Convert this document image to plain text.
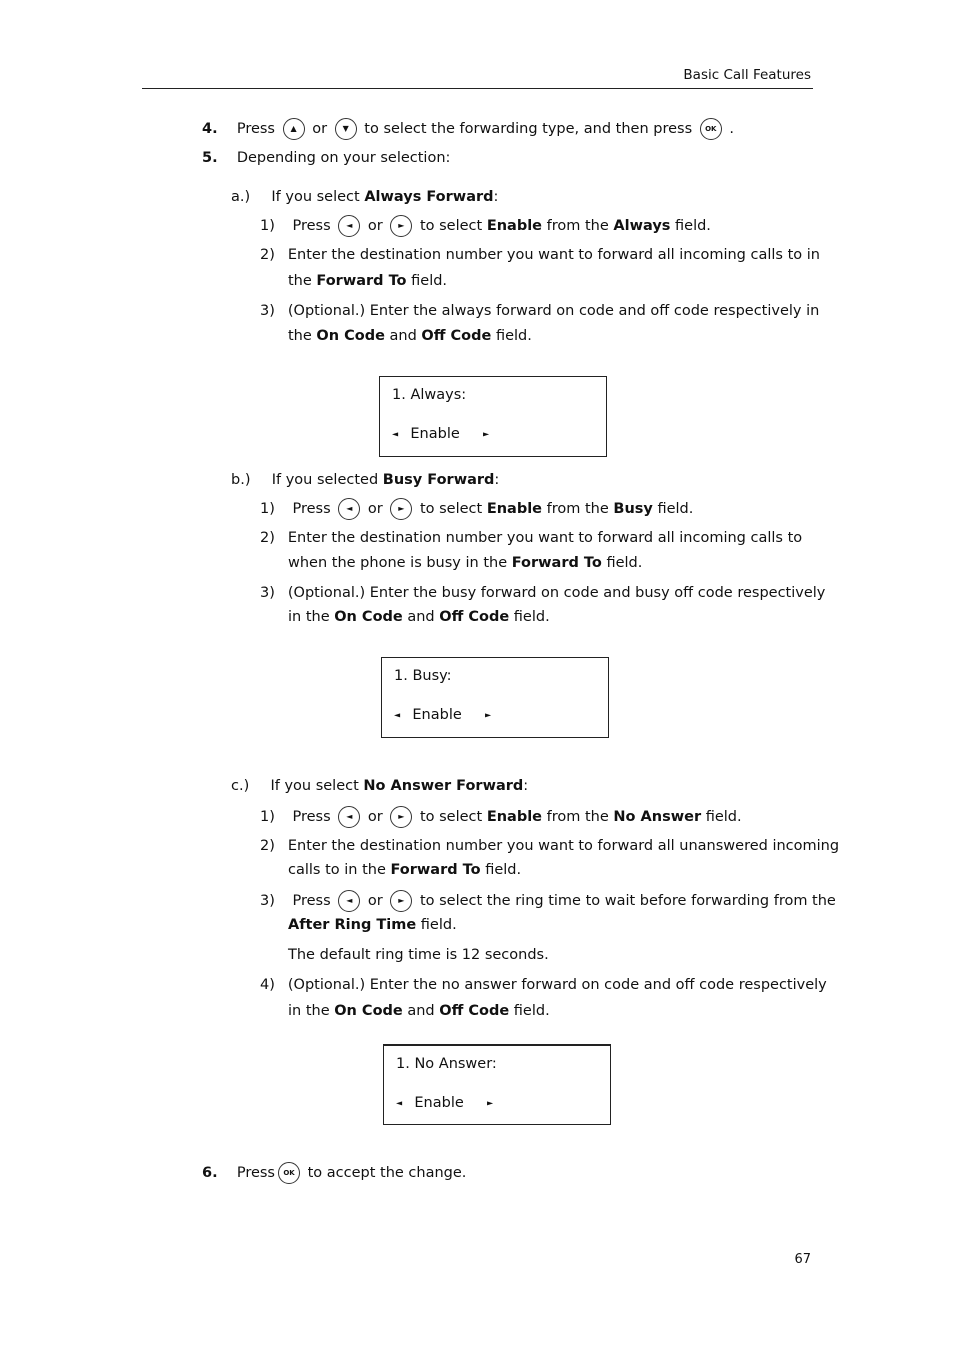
Basic Call Features
4. Press ▲ or ▼ to select the forwarding type, and then press OK .
5. Depending on your selection:
a.) If you select Always Forward:
1) Press ◄ or ► to select Enable from the Always field.
2) Enter the destination number you want to forward all incoming calls to in
the Forward To field.
3) (Optional.) Enter the always forward on code and off code respectively in
the On Code and Off Code field.
1. Always:
◄ Enable	►
b.) If you selected Busy Forward:
1) Press ◄ or ► to select Enable from the Busy field.
2) Enter the destination number you want to forward all incoming calls to
when the phone is busy in the Forward To field.
3) (Optional.) Enter the busy forward on code and busy off code respectively
in the On Code and Off Code field.
1. Busy:
◄ Enable	►
c.) If you select No Answer Forward:
1) Press ◄ or ► to select Enable from the No Answer field.
2) Enter the destination number you want to forward all unanswered incoming
calls to in the Forward To field.
3) Press ◄ or ► to select the ring time to wait before forwarding from the
After Ring Time field.
The default ring time is 12 seconds.
4) (Optional.) Enter the no answer forward on code and off code respectively
in the On Code and Off Code field.
1. No Answer:
◄ Enable	►
6. Press OK to accept the change.
67
